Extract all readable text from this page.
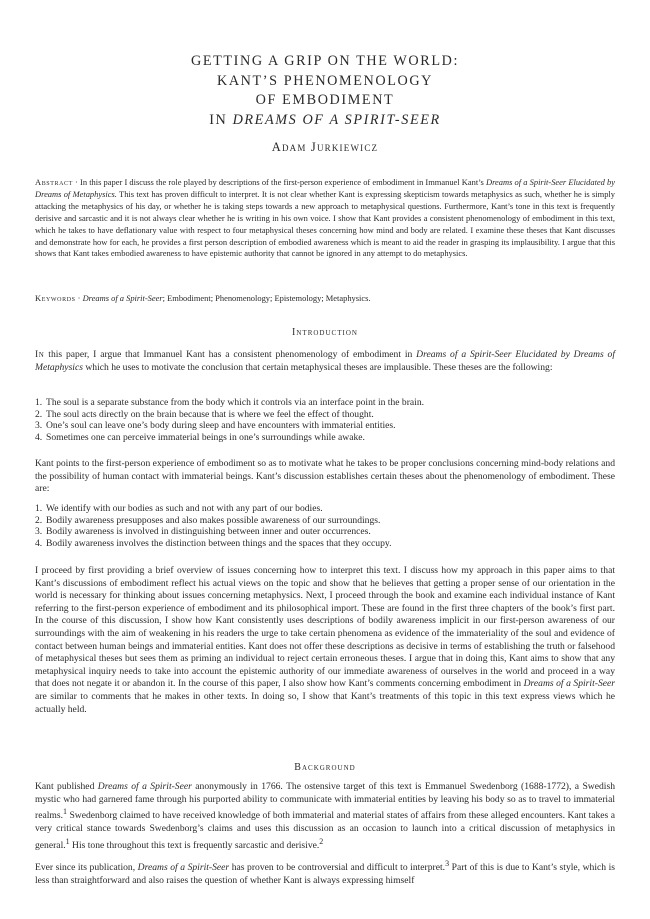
GETTING A GRIP ON THE WORLD:
KANT’S PHENOMENOLOGY
OF EMBODIMENT
IN DREAMS OF A SPIRIT-SEER
Adam Jurkiewicz
Abstract · In this paper I discuss the role played by descriptions of the first-person experience of embodiment in Immanuel Kant’s Dreams of a Spirit-Seer Elucidated by Dreams of Metaphysics. This text has proven difficult to interpret. It is not clear whether Kant is expressing skepticism towards metaphysics as such, whether he is simply attacking the metaphysics of his day, or whether he is taking steps towards a new approach to metaphysical questions. Furthermore, Kant’s tone in this text is frequently derisive and sarcastic and it is not always clear whether he is writing in his own voice. I show that Kant provides a consistent phenomenology of embodiment in this text, which he takes to have deflationary value with respect to four metaphysical theses concerning how mind and body are related. I examine these theses that Kant discusses and demonstrate how for each, he provides a first person description of embodied awareness which is meant to aid the reader in grasping its implausibility. I argue that this shows that Kant takes embodied awareness to have epistemic authority that cannot be ignored in any attempt to do metaphysics.
Keywords · Dreams of a Spirit-Seer; Embodiment; Phenomenology; Epistemology; Metaphysics.
Introduction
In this paper, I argue that Immanuel Kant has a consistent phenomenology of embodiment in Dreams of a Spirit-Seer Elucidated by Dreams of Metaphysics which he uses to motivate the conclusion that certain metaphysical theses are implausible. These theses are the following:
1. The soul is a separate substance from the body which it controls via an interface point in the brain.
2. The soul acts directly on the brain because that is where we feel the effect of thought.
3. One’s soul can leave one’s body during sleep and have encounters with immaterial entities.
4. Sometimes one can perceive immaterial beings in one’s surroundings while awake.
Kant points to the first-person experience of embodiment so as to motivate what he takes to be proper conclusions concerning mind-body relations and the possibility of human contact with immaterial beings. Kant’s discussion establishes certain theses about the phenomenology of embodiment. These are:
1. We identify with our bodies as such and not with any part of our bodies.
2. Bodily awareness presupposes and also makes possible awareness of our surroundings.
3. Bodily awareness is involved in distinguishing between inner and outer occurrences.
4. Bodily awareness involves the distinction between things and the spaces that they occupy.
I proceed by first providing a brief overview of issues concerning how to interpret this text. I discuss how my approach in this paper aims to that Kant’s discussions of embodiment reflect his actual views on the topic and show that he believes that getting a proper sense of our orientation in the world is necessary for thinking about issues concerning metaphysics. Next, I proceed through the book and examine each individual instance of Kant referring to the first-person experience of embodiment and its philosophical import. These are found in the first three chapters of the book’s first part. In the course of this discussion, I show how Kant consistently uses descriptions of bodily awareness implicit in our first-person awareness of our surroundings with the aim of weakening in his readers the urge to take certain phenomena as evidence of the immateriality of the soul and evidence of contact between human beings and immaterial entities. Kant does not offer these descriptions as decisive in terms of establishing the truth or falsehood of metaphysical theses but sees them as priming an individual to reject certain erroneous theses. I argue that in doing this, Kant aims to show that any metaphysical inquiry needs to take into account the epistemic authority of our immediate awareness of ourselves in the world and proceed in a way that does not negate it or abandon it. In the course of this paper, I also show how Kant’s comments concerning embodiment in Dreams of a Spirit-Seer are similar to comments that he makes in other texts. In doing so, I show that Kant’s treatments of this topic in this text express views which he actually held.
Background
Kant published Dreams of a Spirit-Seer anonymously in 1766. The ostensive target of this text is Emmanuel Swedenborg (1688-1772), a Swedish mystic who had garnered fame through his purported ability to communicate with immaterial entities by leaving his body so as to travel to immaterial realms.$^1$ Swedenborg claimed to have received knowledge of both immaterial and material states of affairs from these alleged encounters. Kant takes a very critical stance towards Swedenborg’s claims and uses this discussion as an occasion to launch into a critical discussion of metaphysics in general.$^1$ His tone throughout this text is frequently sarcastic and derisive.$^2$
Ever since its publication, Dreams of a Spirit-Seer has proven to be controversial and difficult to interpret.$^3$ Part of this is due to Kant’s style, which is less than straightforward and also raises the question of whether Kant is always expressing himself
